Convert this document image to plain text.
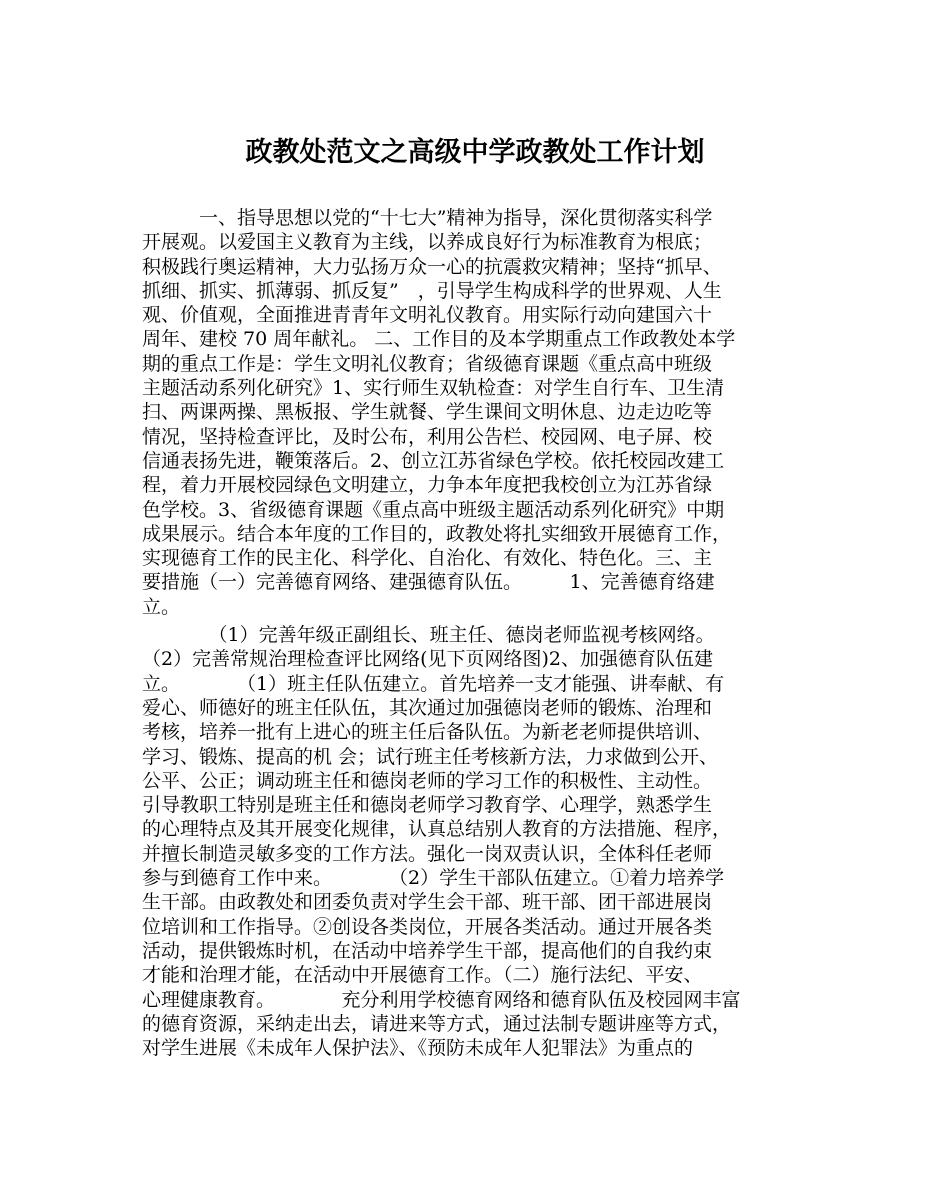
政教处范文之高级中学政教处工作计划
　　　一、指导思想以党的“十七大”精神为指导，深化贯彻落实科学
开展观。以爱国主义教育为主线，以养成良好行为标准教育为根底；
积极践行奥运精神，大力弘扬万众一心的抗震救灾精神；坚持“抓早、
抓细、抓实、抓薄弱、抓反复”　，引导学生构成科学的世界观、人生
观、价值观，全面推进青青年文明礼仪教育。用实际行动向建国六十
周年、建校 70 周年献礼。 二、工作目的及本学期重点工作政教处本学
期的重点工作是：学生文明礼仪教育；省级德育课题《重点高中班级
主题活动系列化研究》1、实行师生双轨检查：对学生自行车、卫生清
扫、两课两操、黑板报、学生就餐、学生课间文明休息、边走边吃等
情况，坚持检查评比，及时公布，利用公告栏、校园网、电子屏、校
信通表扬先进，鞭策落后。2、创立江苏省绿色学校。依托校园改建工
程，着力开展校园绿色文明建立，力争本年度把我校创立为江苏省绿
色学校。3、省级德育课题《重点高中班级主题活动系列化研究》中期
成果展示。结合本年度的工作目的，政教处将扎实细致开展德育工作，
实现德育工作的民主化、科学化、自治化、有效化、特色化。三、主
要措施（一）完善德育网络、建强德育队伍。　　　1、完善德育络建
立。
　　　　（1）完善年级正副组长、班主任、德岗老师监视考核网络。
（2）完善常规治理检查评比网络(见下页网络图)2、加强德育队伍建
立。　　　　（1）班主任队伍建立。首先培养一支才能强、讲奉献、有
爱心、师德好的班主任队伍，其次通过加强德岗老师的锻炼、治理和
考核，培养一批有上进心的班主任后备队伍。为新老老师提供培训、
学习、锻炼、提高的机 会；试行班主任考核新方法，力求做到公开、
公平、公正；调动班主任和德岗老师的学习工作的积极性、主动性。
引导教职工特别是班主任和德岗老师学习教育学、心理学，熟悉学生
的心理特点及其开展变化规律，认真总结别人教育的方法措施、程序，
并擅长制造灵敏多变的工作方法。强化一岗双责认识，全体科任老师
参与到德育工作中来。　　　　（2）学生干部队伍建立。①着力培养学
生干部。由政教处和团委负责对学生会干部、班干部、团干部进展岗
位培训和工作指导。②创设各类岗位，开展各类活动。通过开展各类
活动，提供锻炼时机，在活动中培养学生干部，提高他们的自我约束
才能和治理才能，在活动中开展德育工作。（二）施行法纪、平安、
心理健康教育。　　　　充分利用学校德育网络和德育队伍及校园网丰富
的德育资源，采纳走出去，请进来等方式，通过法制专题讲座等方式，
对学生进展《未成年人保护法》、《预防未成年人犯罪法》为重点的
